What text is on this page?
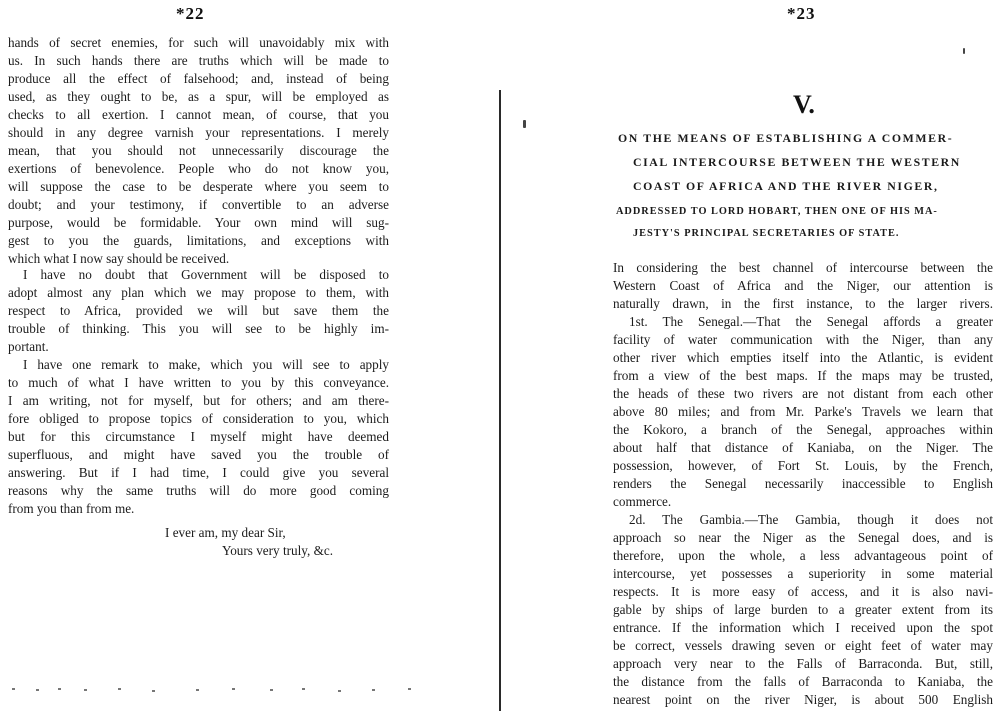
*22
hands of secret enemies, for such will unavoidably mix with
us. In such hands there are truths which will be made to
produce all the effect of falsehood; and, instead of being
used, as they ought to be, as a spur, will be employed as
checks to all exertion. I cannot mean, of course, that you
should in any degree varnish your representations. I merely
mean, that you should not unnecessarily discourage the
exertions of benevolence. People who do not know you,
will suppose the case to be desperate where you seem to
doubt; and your testimony, if convertible to an adverse
purpose, would be formidable. Your own mind will sug-
gest to you the guards, limitations, and exceptions with
which what I now say should be received.
I have no doubt that Government will be disposed to
adopt almost any plan which we may propose to them, with
respect to Africa, provided we will but save them the
trouble of thinking. This you will see to be highly im-
portant.
I have one remark to make, which you will see to apply
to much of what I have written to you by this conveyance.
I am writing, not for myself, but for others; and am there-
fore obliged to propose topics of consideration to you, which
but for this circumstance I myself might have deemed
superfluous, and might have saved you the trouble of
answering. But if I had time, I could give you several
reasons why the same truths will do more good coming
from you than from me.
I ever am, my dear Sir,
Yours very truly, &c.
*23
V.
ON THE MEANS OF ESTABLISHING A COMMER-
CIAL INTERCOURSE BETWEEN THE WESTERN
COAST OF AFRICA AND THE RIVER NIGER,
ADDRESSED TO LORD HOBART, THEN ONE OF HIS MA-
JESTY'S PRINCIPAL SECRETARIES OF STATE.
In considering the best channel of intercourse between the
Western Coast of Africa and the Niger, our attention is
naturally drawn, in the first instance, to the larger rivers.
1st. The Senegal.—That the Senegal affords a greater
facility of water communication with the Niger, than any
other river which empties itself into the Atlantic, is evident
from a view of the best maps. If the maps may be trusted,
the heads of these two rivers are not distant from each other
above 80 miles; and from Mr. Parke's Travels we learn that
the Kokoro, a branch of the Senegal, approaches within
about half that distance of Kaniaba, on the Niger. The
possession, however, of Fort St. Louis, by the French,
renders the Senegal necessarily inaccessible to English
commerce.
2d. The Gambia.—The Gambia, though it does not
approach so near the Niger as the Senegal does, and is
therefore, upon the whole, a less advantageous point of
intercourse, yet possesses a superiority in some material
respects. It is more easy of access, and it is also navi-
gable by ships of large burden to a greater extent from its
entrance. If the information which I received upon the spot
be correct, vessels drawing seven or eight feet of water may
approach very near to the Falls of Barraconda. But, still,
the distance from the falls of Barraconda to Kaniaba, the
nearest point on the river Niger, is about 500 English
